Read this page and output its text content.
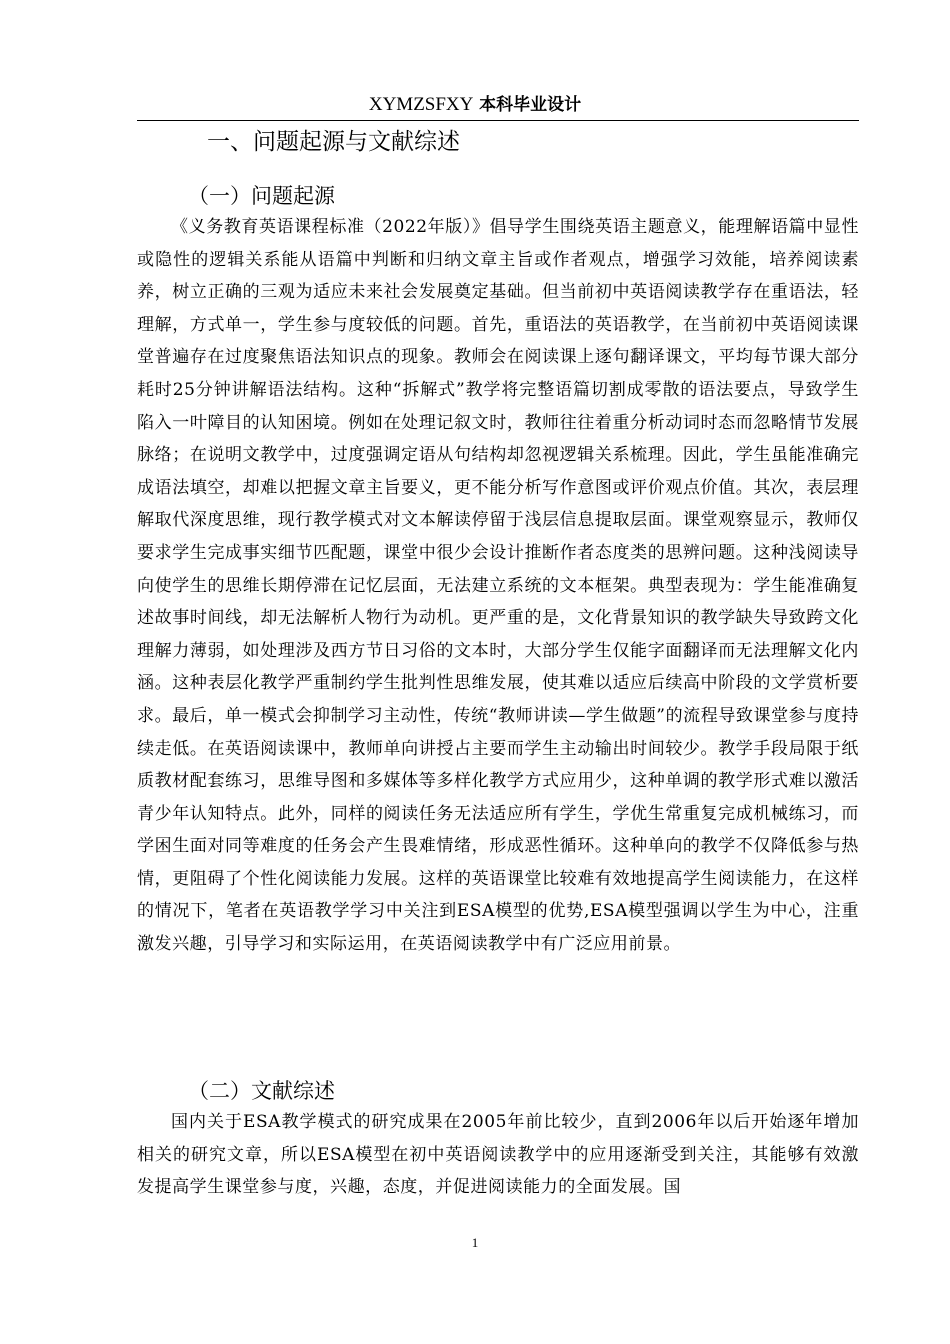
XYMZSFXY 本科毕业设计
一、问题起源与文献综述
（一）问题起源

《义务教育英语课程标准（2022年版）》倡导学生围绕英语主题意义，能理解语篇中显性或隐性的逻辑关系能从语篇中判断和归纳文章主旨或作者观点，增强学习效能，培养阅读素养，树立正确的三观为适应未来社会发展奠定基础。但当前初中英语阅读教学存在重语法，轻理解，方式单一，学生参与度较低的问题。首先，重语法的英语教学，在当前初中英语阅读课堂普遍存在过度聚焦语法知识点的现象。教师会在阅读课上逐句翻译课文，平均每节课大部分耗时25分钟讲解语法结构。这种“拆解式”教学将完整语篇切割成零散的语法要点，导致学生陷入一叶障目的认知困境。例如在处理记叙文时，教师往往着重分析动词时态而忽略情节发展脉络；在说明文教学中，过度强调定语从句结构却忽视逻辑关系梳理。因此，学生虽能准确完成语法填空，却难以把握文章主旨要义，更不能分析写作意图或评价观点价值。其次，表层理解取代深度思维，现行教学模式对文本解读停留于浅层信息提取层面。课堂观察显示，教师仅要求学生完成事实细节匹配题，课堂中很少会设计推断作者态度类的思辨问题。这种浅阅读导向使学生的思维长期停滞在记忆层面，无法建立系统的文本框架。典型表现为：学生能准确复述故事时间线，却无法解析人物行为动机。更严重的是，文化背景知识的教学缺失导致跨文化理解力薄弱，如处理涉及西方节日习俗的文本时，大部分学生仅能字面翻译而无法理解文化内涵。这种表层化教学严重制约学生批判性思维发展，使其难以适应后续高中阶段的文学赏析要求。最后，单一模式会抑制学习主动性，传统“教师讲读—学生做题”的流程导致课堂参与度持续走低。在英语阅读课中，教师单向讲授占主要而学生主动输出时间较少。教学手段局限于纸质教材配套练习，思维导图和多媒体等多样化教学方式应用少，这种单调的教学形式难以激活青少年认知特点。此外，同样的阅读任务无法适应所有学生，学优生常重复完成机械练习，而学困生面对同等难度的任务会产生畏难情绪，形成恶性循环。这种单向的教学不仅降低参与热情，更阻碍了个性化阅读能力发展。这样的英语课堂比较难有效地提高学生阅读能力，在这样的情况下，笔者在英语教学学习中关注到ESA模型的优势,ESA模型强调以学生为中心，注重激发兴趣，引导学习和实际运用，在英语阅读教学中有广泛应用前景。

（二）文献综述

国内关于ESA教学模式的研究成果在2005年前比较少，直到2006年以后开始逐年增加相关的研究文章，所以ESA模型在初中英语阅读教学中的应用逐渐受到关注，其能够有效激发提高学生课堂参与度，兴趣，态度，并促进阅读能力的全面发展。国

1
